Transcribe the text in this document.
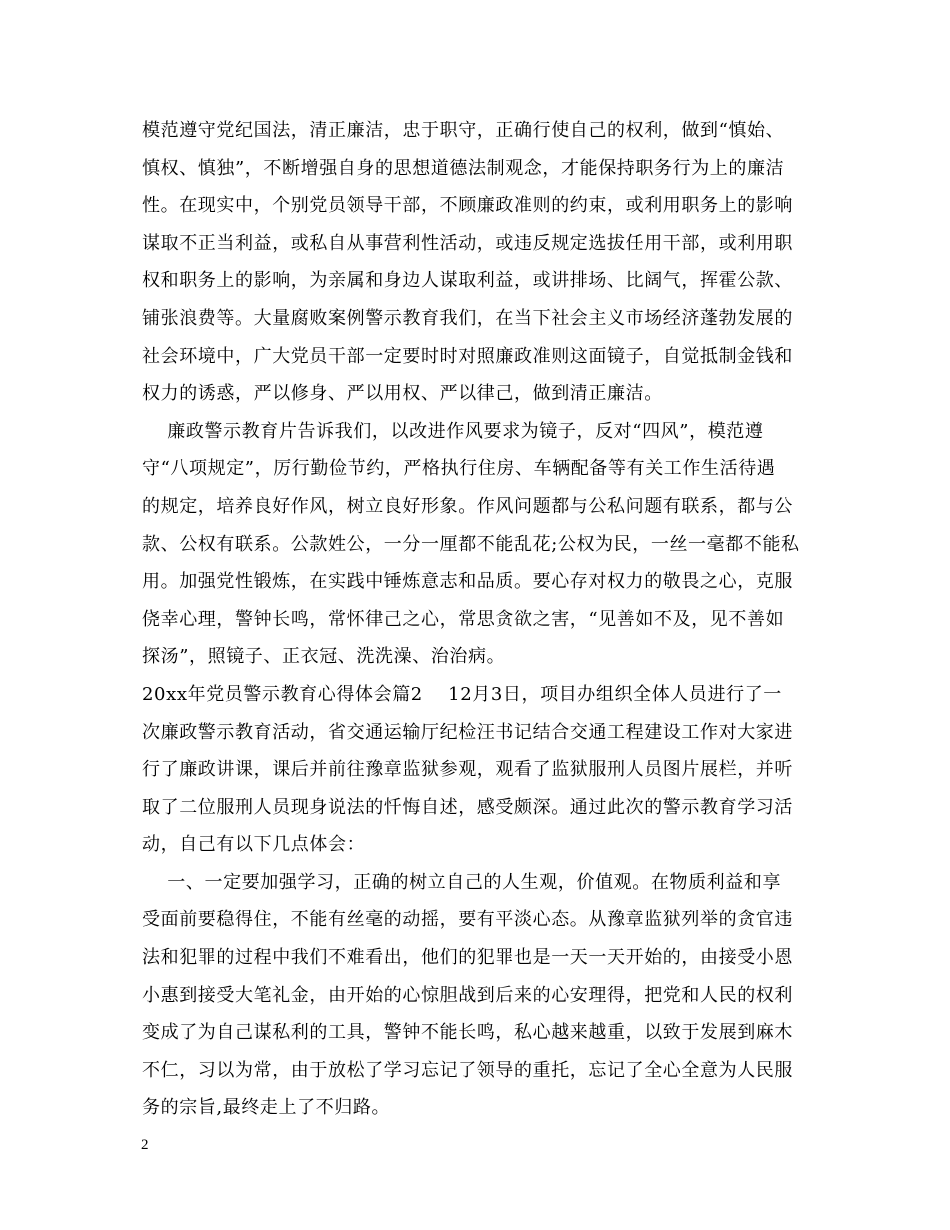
模范遵守党纪国法，清正廉洁，忠于职守，正确行使自己的权利，做到“慎始、
慎权、慎独”，不断增强自身的思想道德法制观念，才能保持职务行为上的廉洁
性。在现实中，个别党员领导干部，不顾廉政准则的约束，或利用职务上的影响
谋取不正当利益，或私自从事营利性活动，或违反规定选拔任用干部，或利用职
权和职务上的影响，为亲属和身边人谋取利益，或讲排场、比阔气，挥霍公款、
铺张浪费等。大量腐败案例警示教育我们，在当下社会主义市场经济蓬勃发展的
社会环境中，广大党员干部一定要时时对照廉政准则这面镜子，自觉抵制金钱和
权力的诱惑，严以修身、严以用权、严以律己，做到清正廉洁。
廉政警示教育片告诉我们，以改进作风要求为镜子，反对“四风”，模范遵
守“八项规定”，厉行勤俭节约，严格执行住房、车辆配备等有关工作生活待遇
的规定，培养良好作风，树立良好形象。作风问题都与公私问题有联系，都与公
款、公权有联系。公款姓公，一分一厘都不能乱花;公权为民，一丝一毫都不能私
用。加强党性锻炼，在实践中锤炼意志和品质。要心存对权力的敬畏之心，克服
侥幸心理，警钟长鸣，常怀律己之心，常思贪欲之害，“见善如不及，见不善如
探汤”，照镜子、正衣冠、洗洗澡、治治病。
20xx年党员警示教育心得体会篇2    12月3日，项目办组织全体人员进行了一
次廉政警示教育活动，省交通运输厅纪检汪书记结合交通工程建设工作对大家进
行了廉政讲课，课后并前往豫章监狱参观，观看了监狱服刑人员图片展栏，并听
取了二位服刑人员现身说法的忏悔自述，感受颇深。通过此次的警示教育学习活
动，自己有以下几点体会：
一、一定要加强学习，正确的树立自己的人生观，价值观。在物质利益和享
受面前要稳得住，不能有丝毫的动摇，要有平淡心态。从豫章监狱列举的贪官违
法和犯罪的过程中我们不难看出，他们的犯罪也是一天一天开始的，由接受小恩
小惠到接受大笔礼金，由开始的心惊胆战到后来的心安理得，把党和人民的权利
变成了为自己谋私利的工具，警钟不能长鸣，私心越来越重，以致于发展到麻木
不仁，习以为常，由于放松了学习忘记了领导的重托，忘记了全心全意为人民服
务的宗旨,最终走上了不归路。
2
